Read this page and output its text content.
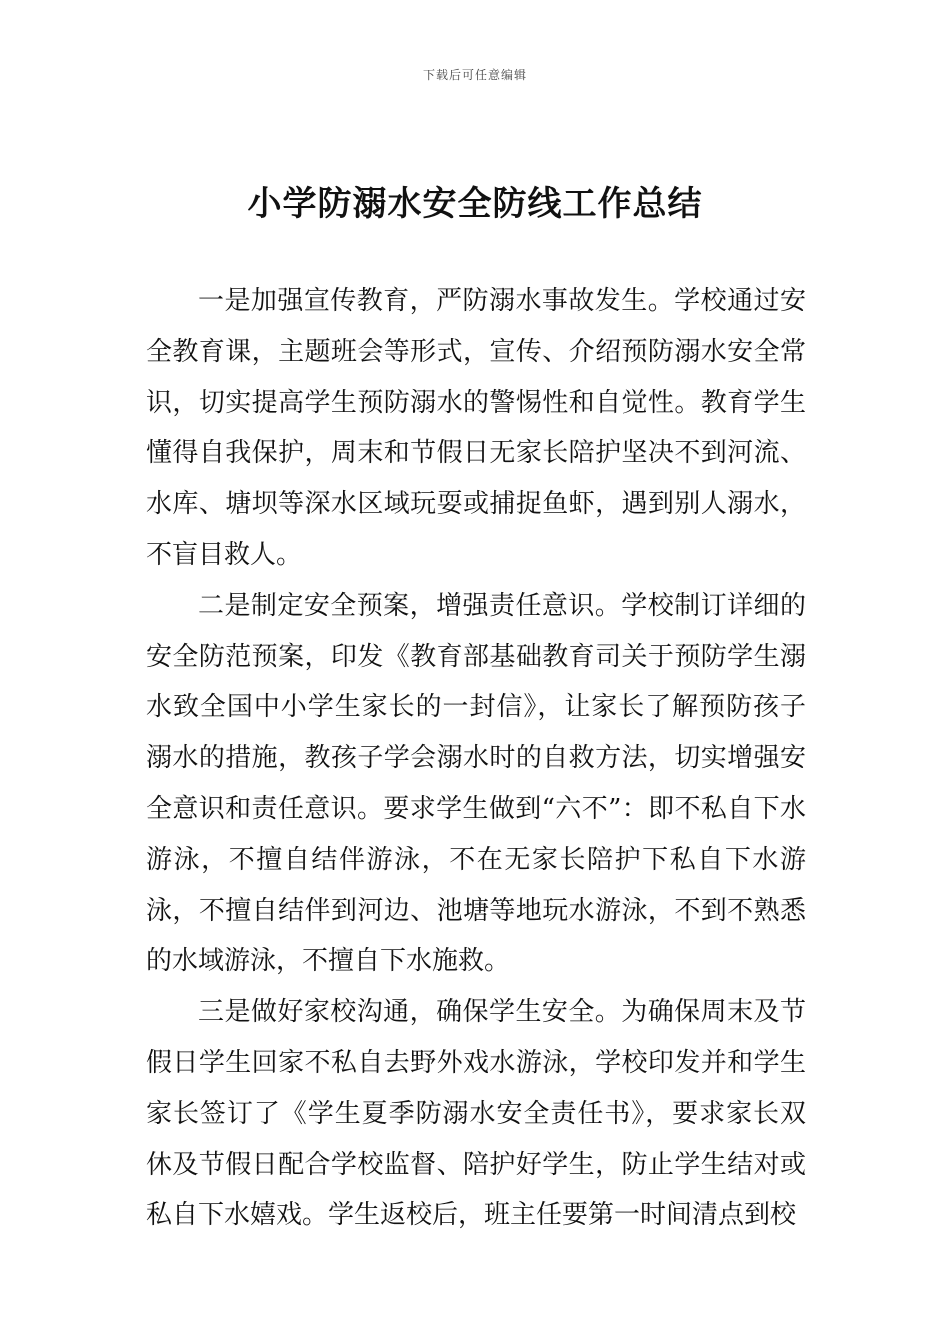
下载后可任意编辑
小学防溺水安全防线工作总结

一是加强宣传教育，严防溺水事故发生。学校通过安全教育课，主题班会等形式，宣传、介绍预防溺水安全常识，切实提高学生预防溺水的警惕性和自觉性。教育学生懂得自我保护，周末和节假日无家长陪护坚决不到河流、水库、塘坝等深水区域玩耍或捕捉鱼虾，遇到别人溺水，不盲目救人。

二是制定安全预案，增强责任意识。学校制订详细的安全防范预案，印发《教育部基础教育司关于预防学生溺水致全国中小学生家长的一封信》，让家长了解预防孩子溺水的措施，教孩子学会溺水时的自救方法，切实增强安全意识和责任意识。要求学生做到“六不”：即不私自下水游泳，不擅自结伴游泳，不在无家长陪护下私自下水游泳，不擅自结伴到河边、池塘等地玩水游泳，不到不熟悉的水域游泳，不擅自下水施救。

三是做好家校沟通，确保学生安全。为确保周末及节假日学生回家不私自去野外戏水游泳，学校印发并和学生家长签订了《学生夏季防溺水安全责任书》，要求家长双休及节假日配合学校监督、陪护好学生，防止学生结对或私自下水嬉戏。学生返校后，班主任要第一时间清点到校
